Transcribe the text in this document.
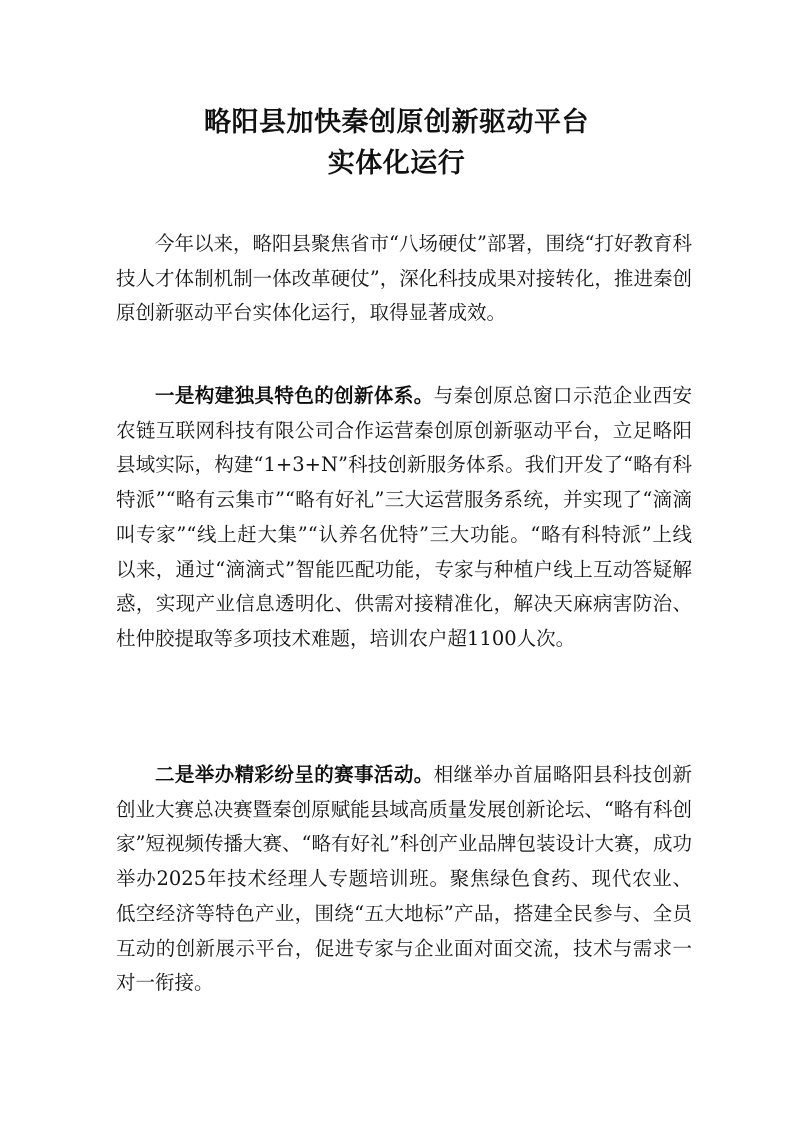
略阳县加快秦创原创新驱动平台
实体化运行

今年以来，略阳县聚焦省市“八场硬仗”部署，围绕“打好教育科技人才体制机制一体改革硬仗”，深化科技成果对接转化，推进秦创原创新驱动平台实体化运行，取得显著成效。

一是构建独具特色的创新体系。与秦创原总窗口示范企业西安农链互联网科技有限公司合作运营秦创原创新驱动平台，立足略阳县域实际，构建“1+3+N”科技创新服务体系。我们开发了“略有科特派”“略有云集市”“略有好礼”三大运营服务系统，并实现了“滴滴叫专家”“线上赶大集”“认养名优特”三大功能。“略有科特派”上线以来，通过“滴滴式”智能匹配功能，专家与种植户线上互动答疑解惑，实现产业信息透明化、供需对接精准化，解决天麻病害防治、杜仲胶提取等多项技术难题，培训农户超1100人次。

二是举办精彩纷呈的赛事活动。相继举办首届略阳县科技创新创业大赛总决赛暨秦创原赋能县域高质量发展创新论坛、“略有科创家”短视频传播大赛、“略有好礼”科创产业品牌包装设计大赛，成功举办2025年技术经理人专题培训班。聚焦绿色食药、现代农业、低空经济等特色产业，围绕“五大地标”产品，搭建全民参与、全员互动的创新展示平台，促进专家与企业面对面交流，技术与需求一对一衔接。
